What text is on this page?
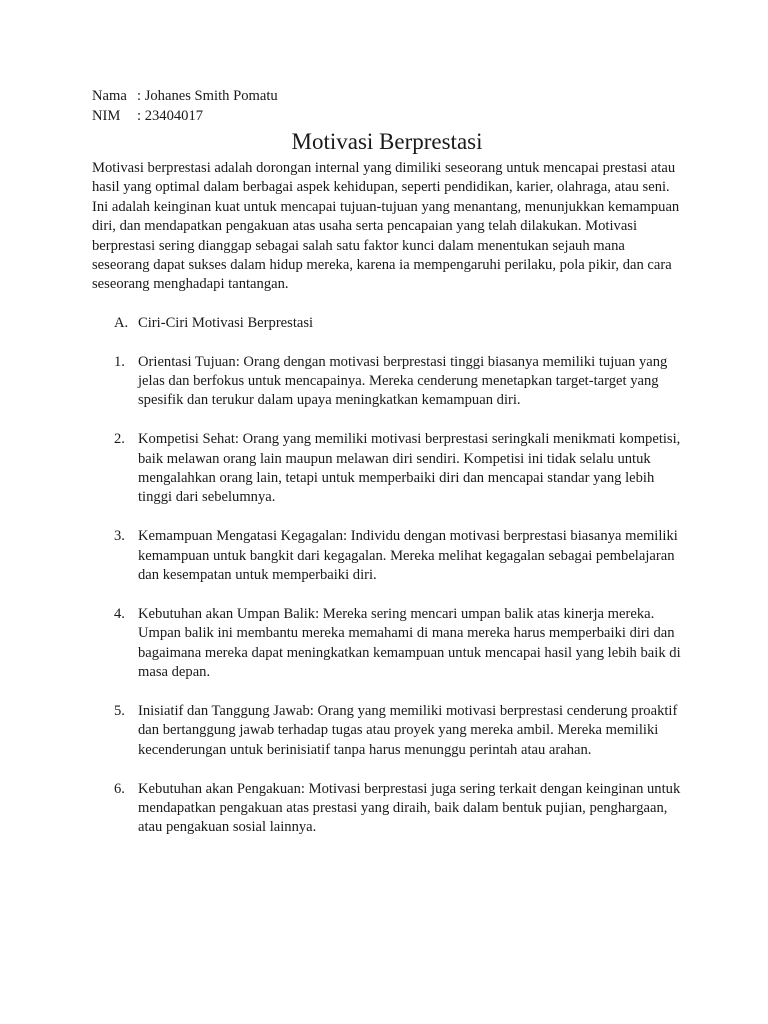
Nama : Johanes Smith Pomatu
NIM : 23404017
Motivasi Berprestasi

Motivasi berprestasi adalah dorongan internal yang dimiliki seseorang untuk mencapai prestasi atau hasil yang optimal dalam berbagai aspek kehidupan, seperti pendidikan, karier, olahraga, atau seni. Ini adalah keinginan kuat untuk mencapai tujuan-tujuan yang menantang, menunjukkan kemampuan diri, dan mendapatkan pengakuan atas usaha serta pencapaian yang telah dilakukan. Motivasi berprestasi sering dianggap sebagai salah satu faktor kunci dalam menentukan sejauh mana seseorang dapat sukses dalam hidup mereka, karena ia mempengaruhi perilaku, pola pikir, dan cara seseorang menghadapi tantangan.

A. Ciri-Ciri Motivasi Berprestasi
1. Orientasi Tujuan: Orang dengan motivasi berprestasi tinggi biasanya memiliki tujuan yang jelas dan berfokus untuk mencapainya. Mereka cenderung menetapkan target-target yang spesifik dan terukur dalam upaya meningkatkan kemampuan diri.
2. Kompetisi Sehat: Orang yang memiliki motivasi berprestasi seringkali menikmati kompetisi, baik melawan orang lain maupun melawan diri sendiri. Kompetisi ini tidak selalu untuk mengalahkan orang lain, tetapi untuk memperbaiki diri dan mencapai standar yang lebih tinggi dari sebelumnya.
3. Kemampuan Mengatasi Kegagalan: Individu dengan motivasi berprestasi biasanya memiliki kemampuan untuk bangkit dari kegagalan. Mereka melihat kegagalan sebagai pembelajaran dan kesempatan untuk memperbaiki diri.
4. Kebutuhan akan Umpan Balik: Mereka sering mencari umpan balik atas kinerja mereka. Umpan balik ini membantu mereka memahami di mana mereka harus memperbaiki diri dan bagaimana mereka dapat meningkatkan kemampuan untuk mencapai hasil yang lebih baik di masa depan.
5. Inisiatif dan Tanggung Jawab: Orang yang memiliki motivasi berprestasi cenderung proaktif dan bertanggung jawab terhadap tugas atau proyek yang mereka ambil. Mereka memiliki kecenderungan untuk berinisiatif tanpa harus menunggu perintah atau arahan.
6. Kebutuhan akan Pengakuan: Motivasi berprestasi juga sering terkait dengan keinginan untuk mendapatkan pengakuan atas prestasi yang diraih, baik dalam bentuk pujian, penghargaan, atau pengakuan sosial lainnya.
